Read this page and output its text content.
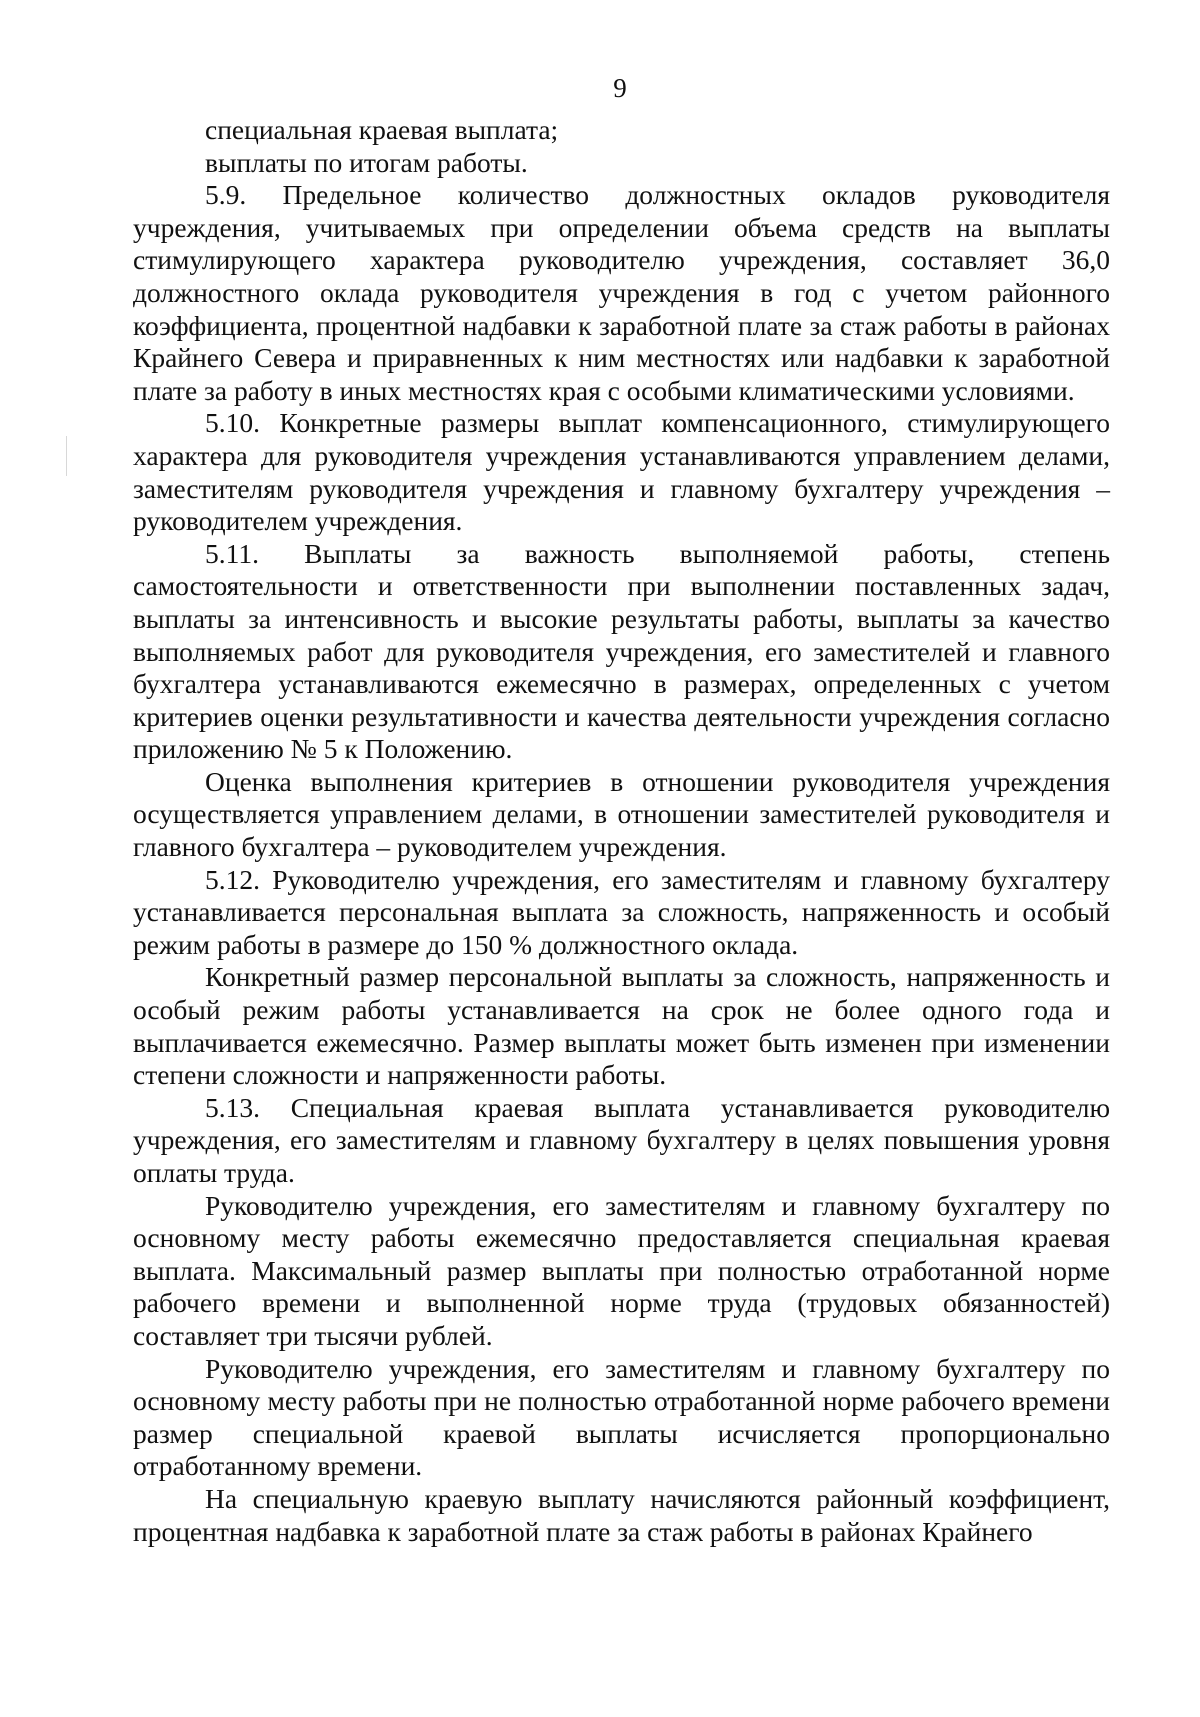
9

специальная краевая выплата;

выплаты по итогам работы.

5.9. Предельное количество должностных окладов руководителя учреждения, учитываемых при определении объема средств на выплаты стимулирующего характера руководителю учреждения, составляет 36,0 должностного оклада руководителя учреждения в год с учетом районного коэффициента, процентной надбавки к заработной плате за стаж работы в районах Крайнего Севера и приравненных к ним местностях или надбавки к заработной плате за работу в иных местностях края с особыми климатическими условиями.

5.10. Конкретные размеры выплат компенсационного, стимулирующего характера для руководителя учреждения устанавливаются управлением делами, заместителям руководителя учреждения и главному бухгалтеру учреждения – руководителем учреждения.

5.11. Выплаты за важность выполняемой работы, степень самостоятельности и ответственности при выполнении поставленных задач, выплаты за интенсивность и высокие результаты работы, выплаты за качество выполняемых работ для руководителя учреждения, его заместителей и главного бухгалтера устанавливаются ежемесячно в размерах, определенных с учетом критериев оценки результативности и качества деятельности учреждения согласно приложению № 5 к Положению.

Оценка выполнения критериев в отношении руководителя учреждения осуществляется управлением делами, в отношении заместителей руководителя и главного бухгалтера – руководителем учреждения.

5.12. Руководителю учреждения, его заместителям и главному бухгалтеру устанавливается персональная выплата за сложность, напряженность и особый режим работы в размере до 150 % должностного оклада.

Конкретный размер персональной выплаты за сложность, напряженность и особый режим работы устанавливается на срок не более одного года и выплачивается ежемесячно. Размер выплаты может быть изменен при изменении степени сложности и напряженности работы.

5.13. Специальная краевая выплата устанавливается руководителю учреждения, его заместителям и главному бухгалтеру в целях повышения уровня оплаты труда.

Руководителю учреждения, его заместителям и главному бухгалтеру по основному месту работы ежемесячно предоставляется специальная краевая выплата. Максимальный размер выплаты при полностью отработанной норме рабочего времени и выполненной норме труда (трудовых обязанностей) составляет три тысячи рублей.

Руководителю учреждения, его заместителям и главному бухгалтеру по основному месту работы при не полностью отработанной норме рабочего времени размер специальной краевой выплаты исчисляется пропорционально отработанному времени.

На специальную краевую выплату начисляются районный коэффициент, процентная надбавка к заработной плате за стаж работы в районах Крайнего
